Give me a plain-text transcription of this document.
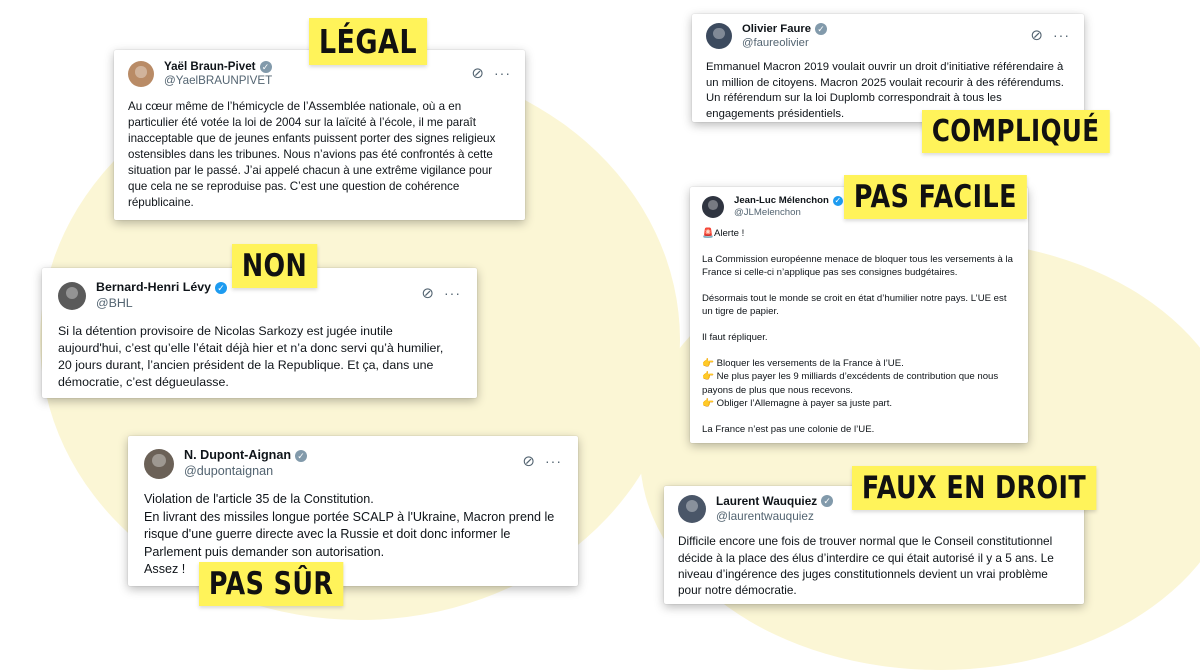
Yaël Braun-Pivet ✓
@YaelBRAUNPIVET	⊘ ···
Au cœur même de l’hémicycle de l’Assemblée nationale, où a en
particulier été votée la loi de 2004 sur la laïcité à l’école, il me paraît
inacceptable que de jeunes enfants puissent porter des signes religieux
ostensibles dans les tribunes. Nous n’avions pas été confrontés à cette
situation par le passé. J’ai appelé chacun à une extrême vigilance pour
que cela ne se reproduise pas. C’est une question de cohérence
républicaine.
Bernard-Henri Lévy ✓
@BHL
⊘ ···
Si la détention provisoire de Nicolas Sarkozy est jugée inutile
aujourd'hui, c’est qu’elle l’était déjà hier et n’a donc servi qu’à humilier,
20 jours durant, l’ancien président de la Republique. Et ça, dans une
démocratie, c’est dégueulasse.
N. Dupont-Aignan ✓
@dupontaignan
⊘ ···
Violation de l'article 35 de la Constitution.
En livrant des missiles longue portée SCALP à l'Ukraine, Macron prend le
risque d'une guerre directe avec la Russie et doit donc informer le
Parlement puis demander son autorisation.
Assez !
Olivier Faure ✓
@faureolivier	⊘ ···
Emmanuel Macron 2019 voulait ouvrir un droit d’initiative référendaire à
un million de citoyens. Macron 2025 voulait recourir à des référendums.
Un référendum sur la loi Duplomb correspondrait à tous les
engagements présidentiels.
Jean-Luc Mélenchon ✓
@JLMelenchon
🚨Alerte !

La Commission européenne menace de bloquer tous les versements à la
France si celle-ci n’applique pas ses consignes budgétaires.

Désormais tout le monde se croit en état d’humilier notre pays. L’UE est
un tigre de papier.

Il faut répliquer.

👉 Bloquer les versements de la France à l’UE.
👉 Ne plus payer les 9 milliards d’excédents de contribution que nous
payons de plus que nous recevons.
👉 Obliger l’Allemagne à payer sa juste part.

La France n’est pas une colonie de l’UE.
Laurent Wauquiez ✓
@laurentwauquiez
Difficile encore une fois de trouver normal que le Conseil constitutionnel
décide à la place des élus d’interdire ce qui était autorisé il y a 5 ans. Le
niveau d’ingérence des juges constitutionnels devient un vrai problème
pour notre démocratie.
LÉGAL
NON
PAS SÛR
COMPLIQUÉ
PAS FACILE
FAUX EN DROIT
